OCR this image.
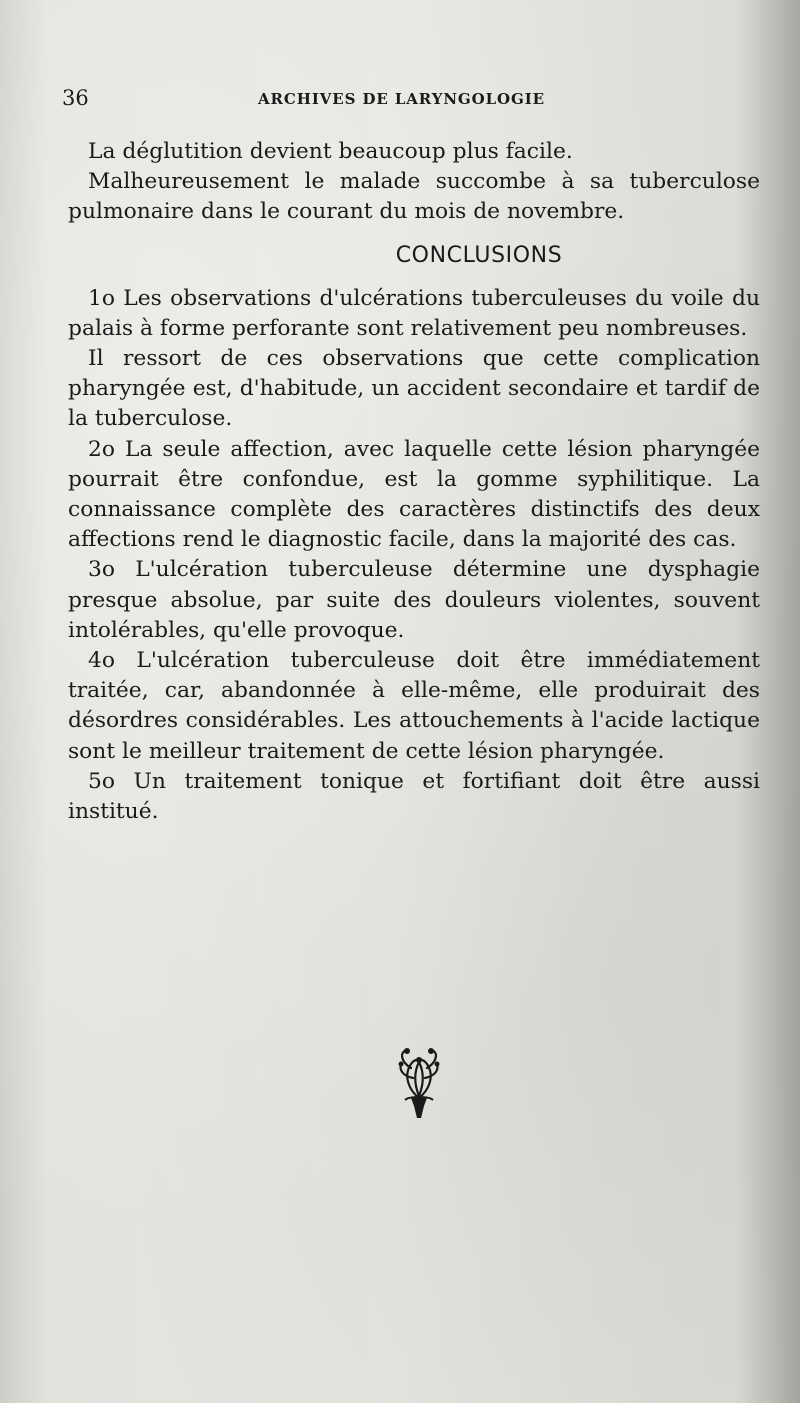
36	ARCHIVES DE LARYNGOLOGIE

La déglutition devient beaucoup plus facile.

Malheureusement le malade succombe à sa tuberculose pulmonaire dans le courant du mois de novembre.

CONCLUSIONS

1o Les observations d'ulcérations tuberculeuses du voile du palais à forme perforante sont relativement peu nombreuses.

Il ressort de ces observations que cette complication pharyngée est, d'habitude, un accident secondaire et tardif de la tuberculose.

2o La seule affection, avec laquelle cette lésion pharyngée pourrait être confondue, est la gomme syphilitique. La connaissance complète des caractères distinctifs des deux affections rend le diagnostic facile, dans la majorité des cas.

3o L'ulcération tuberculeuse détermine une dysphagie presque absolue, par suite des douleurs violentes, souvent intolérables, qu'elle provoque.

4o L'ulcération tuberculeuse doit être immédiatement traitée, car, abandonnée à elle-même, elle produirait des désordres considérables. Les attouchements à l'acide lactique sont le meilleur traitement de cette lésion pharyngée.

5o Un traitement tonique et fortifiant doit être aussi institué.
